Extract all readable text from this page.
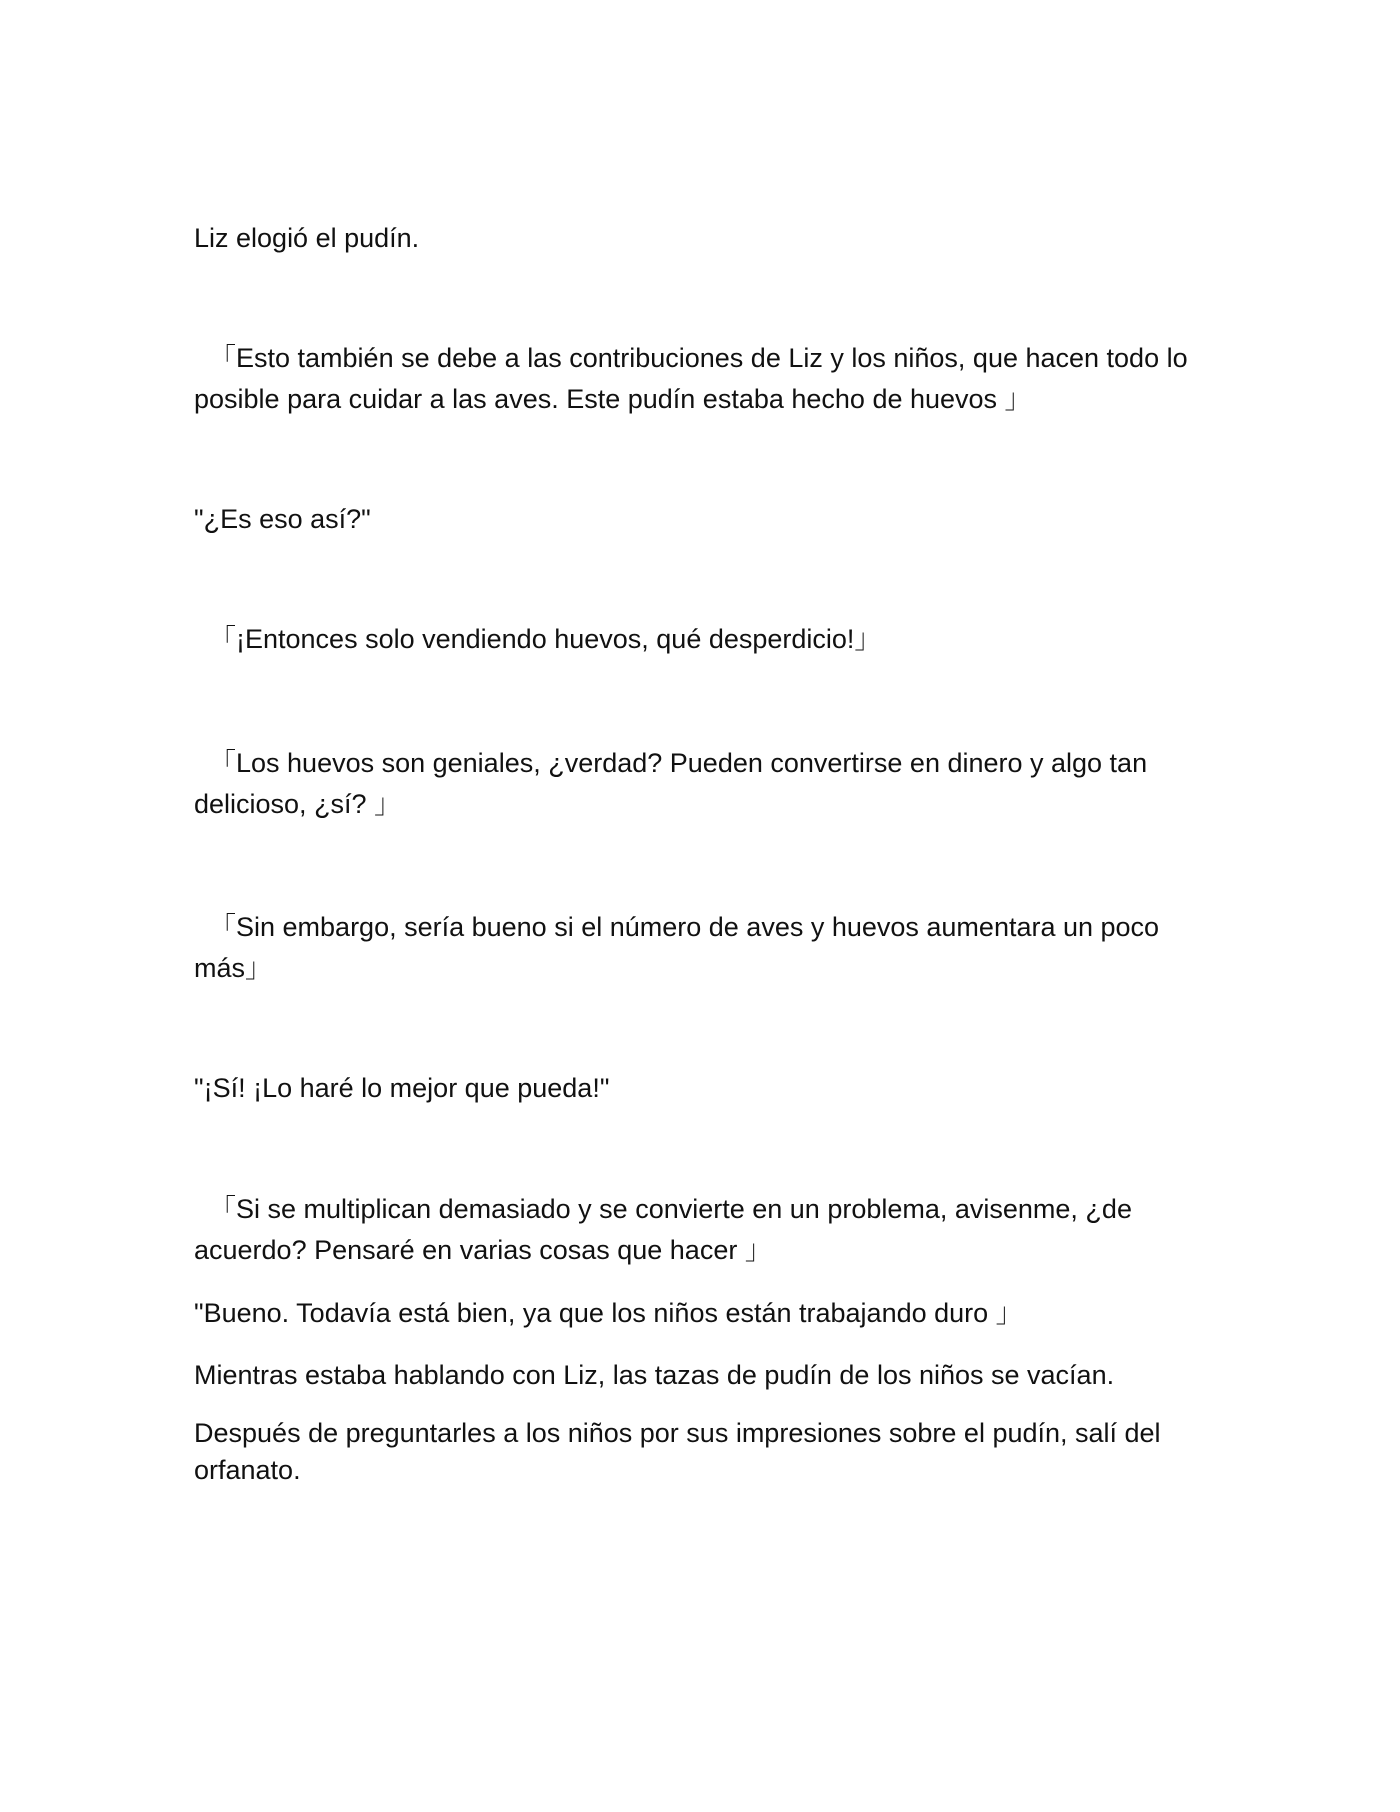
Liz elogió el pudín.

「Esto también se debe a las contribuciones de Liz y los niños, que hacen todo lo
posible para cuidar a las aves. Este pudín estaba hecho de huevos 」

"¿Es eso así?"

「¡Entonces solo vendiendo huevos, qué desperdicio!」

「Los huevos son geniales, ¿verdad? Pueden convertirse en dinero y algo tan
delicioso, ¿sí? 」

「Sin embargo, sería bueno si el número de aves y huevos aumentara un poco
más」

"¡Sí! ¡Lo haré lo mejor que pueda!"

「Si se multiplican demasiado y se convierte en un problema, avisenme, ¿de
acuerdo? Pensaré en varias cosas que hacer 」

"Bueno. Todavía está bien, ya que los niños están trabajando duro 」

Mientras estaba hablando con Liz, las tazas de pudín de los niños se vacían.

Después de preguntarles a los niños por sus impresiones sobre el pudín, salí del
orfanato.
